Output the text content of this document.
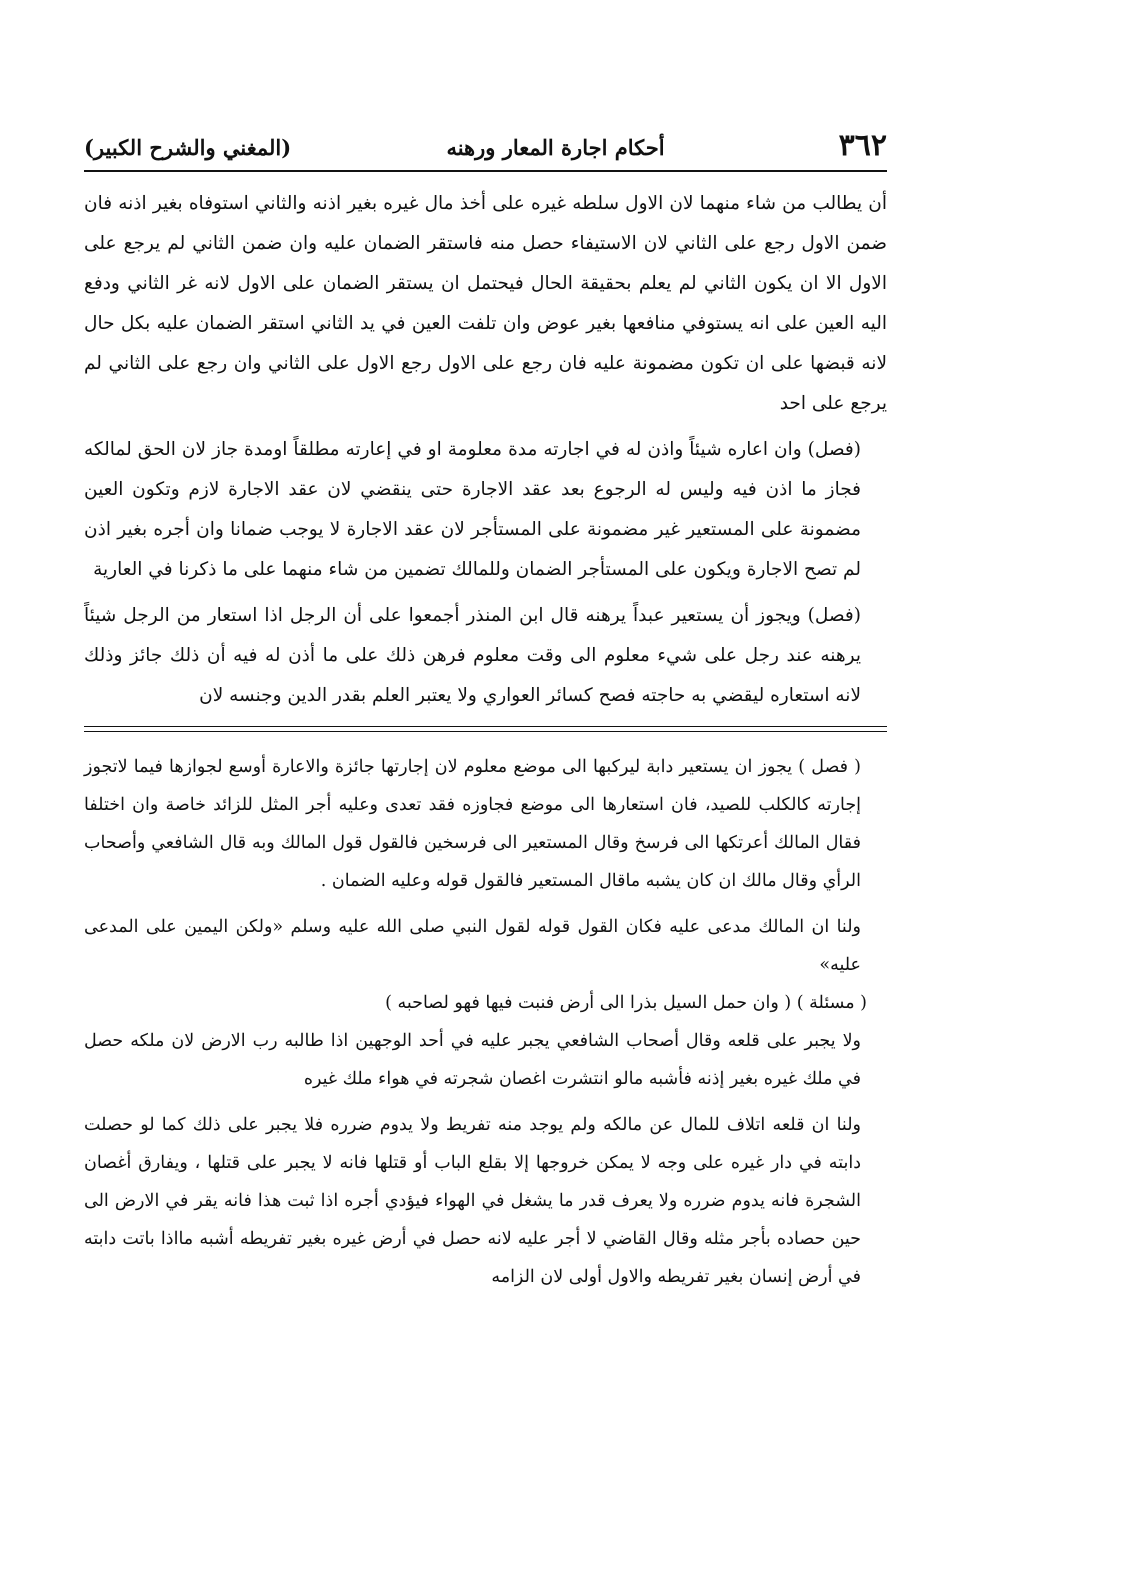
٣٦٢
أحكام اجارة المعار ورهنه
(المغني والشرح الكبير)

أن يطالب من شاء منهما لان الاول سلطه غيره على أخذ مال غيره بغير اذنه والثاني استوفاه بغير اذنه فان ضمن الاول رجع على الثاني لان الاستيفاء حصل منه فاستقر الضمان عليه وان ضمن الثاني لم يرجع على الاول الا ان يكون الثاني لم يعلم بحقيقة الحال فيحتمل ان يستقر الضمان على الاول لانه غر الثاني ودفع اليه العين على انه يستوفي منافعها بغير عوض وان تلفت العين في يد الثاني استقر الضمان عليه بكل حال لانه قبضها على ان تكون مضمونة عليه فان رجع على الاول رجع الاول على الثاني وان رجع على الثاني لم يرجع على احد

(فصل) وان اعاره شيئاً واذن له في اجارته مدة معلومة او في إعارته مطلقاً اومدة جاز لان الحق لمالكه فجاز ما اذن فيه وليس له الرجوع بعد عقد الاجارة حتى ينقضي لان عقد الاجارة لازم وتكون العين مضمونة على المستعير غير مضمونة على المستأجر لان عقد الاجارة لا يوجب ضمانا وان أجره بغير اذن لم تصح الاجارة ويكون على المستأجر الضمان وللمالك تضمين من شاء منهما على ما ذكرنا في العارية

(فصل) ويجوز أن يستعير عبداً يرهنه قال ابن المنذر أجمعوا على أن الرجل اذا استعار من الرجل شيئاً يرهنه عند رجل على شيء معلوم الى وقت معلوم فرهن ذلك على ما أذن له فيه أن ذلك جائز وذلك لانه استعاره ليقضي به حاجته فصح كسائر العواري ولا يعتبر العلم بقدر الدين وجنسه لان

( فصل ) يجوز ان يستعير دابة ليركبها الى موضع معلوم لان إجارتها جائزة والاعارة أوسع لجوازها فيما لاتجوز إجارته كالكلب للصيد، فان استعارها الى موضع فجاوزه فقد تعدى وعليه أجر المثل للزائد خاصة وان اختلفا فقال المالك أعرتكها الى فرسخ وقال المستعير الى فرسخين فالقول قول المالك وبه قال الشافعي وأصحاب الرأي وقال مالك ان كان يشبه ماقال المستعير فالقول قوله وعليه الضمان .

ولنا ان المالك مدعى عليه فكان القول قوله لقول النبي صلى الله عليه وسلم «ولكن اليمين على المدعى عليه»

( مسئلة ) ( وان حمل السيل بذرا الى أرض فنبت فيها فهو لصاحبه )

ولا يجبر على قلعه وقال أصحاب الشافعي يجبر عليه في أحد الوجهين اذا طالبه رب الارض لان ملكه حصل في ملك غيره بغير إذنه فأشبه مالو انتشرت اغصان شجرته في هواء ملك غيره

ولنا ان قلعه اتلاف للمال عن مالكه ولم يوجد منه تفريط ولا يدوم ضرره فلا يجبر على ذلك كما لو حصلت دابته في دار غيره على وجه لا يمكن خروجها إلا بقلع الباب أو قتلها فانه لا يجبر على قتلها ، ويفارق أغصان الشجرة فانه يدوم ضرره ولا يعرف قدر ما يشغل في الهواء فيؤدي أجره اذا ثبت هذا فانه يقر في الارض الى حين حصاده بأجر مثله وقال القاضي لا أجر عليه لانه حصل في أرض غيره بغير تفريطه أشبه مااذا باتت دابته في أرض إنسان بغير تفريطه والاول أولى لان الزامه
